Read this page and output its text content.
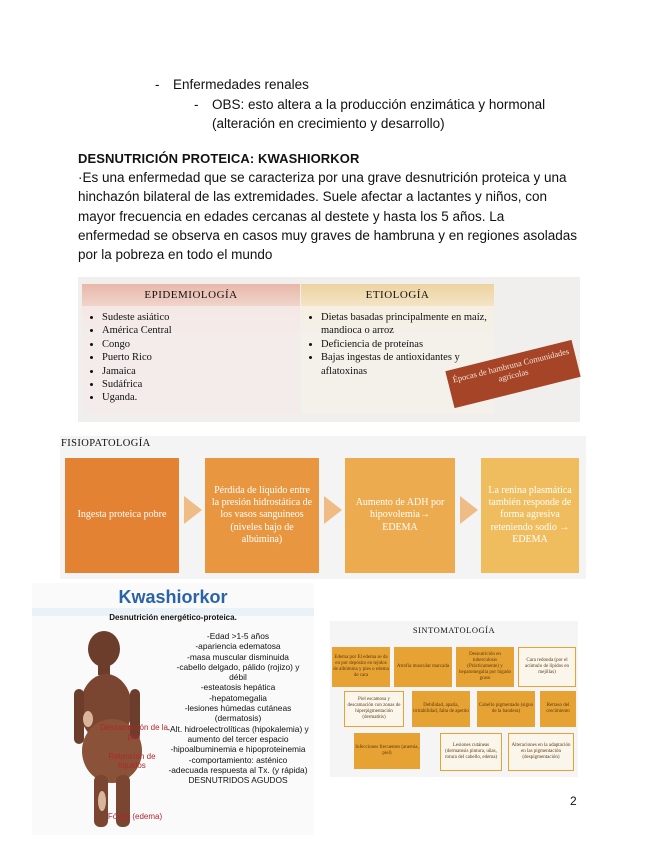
- Enfermedades renales
- OBS: esto altera a la producción enzimática y hormonal (alteración en crecimiento y desarrollo)
DESNUTRICIÓN PROTEICA: KWASHIORKOR
·Es una enfermedad que se caracteriza por una grave desnutrición proteica y una hinchazón bilateral de las extremidades. Suele afectar a lactantes y niños, con mayor frecuencia en edades cercanas al destete y hasta los 5 años. La enfermedad se observa en casos muy graves de hambruna y en regiones asoladas por la pobreza en todo el mundo
EPIDEMIOLOGÍA
• Sudeste asiático
• América Central
• Congo
• Puerto Rico
• Jamaica
• Sudáfrica
• Uganda.
ETIOLOGÍA
• Dietas basadas principalmente en maíz, mandioca o arroz
• Deficiencia de proteínas
• Bajas ingestas de antioxidantes y aflatoxinas	Épocas de hambruna Comunidades agrícolas
FISIOPATOLOGÍA
Ingesta proteica pobre
Pérdida de líquido entre la presión hidrostática de los vasos sanguíneos (niveles bajo de albúmina)
Aumento de ADH por hipovolemia→ EDEMA
La renina plasmática también responde de forma agresiva reteniendo sodio → EDEMA
Kwashiorkor
Desnutrición energético-proteica.
Descamación de la piel
Retención de líquidos
Fóvea (edema)
-Edad >1-5 años
-apariencia edematosa
-masa muscular disminuida
-cabello delgado, pálido (rojizo) y débil
-esteatosis hepática
-hepatomegalia
-lesiones húmedas cutáneas (dermatosis)
-Alt. hidroelectrolíticas (hipokalemia) y aumento del tercer espacio
-hipoalbuminemia e hipoproteinemia
-comportamiento: asténico
-adecuada respuesta al Tx. (y rápida)
DESNUTRIDOS AGUDOS
SINTOMATOLOGÍA
Edema por El edema se da en por depósito en tejidos de albúmina y pies o edema de cara
Atrofia muscular marcada
Desnutrición en tuberculosis (Prácticamente) y hepatomegalia por hígado graso
Cara redonda (por el acúmulo de lípidos en mejillas)
Piel escamosa y descamación con zonas de hiperpigmentación (dermatitis)
Debilidad, apatía, irritabilidad, falta de apetito
Cabello pigmentado (signo de la bandera)
Retraso del crecimiento
Infecciones frecuentes (anemia, piel)
Lesiones cutáneas (dermatosis pintura, uñas, rotura del cabello, edema)
Alteraciones en la adaptación en las pigmentación (despigmentación)
2
